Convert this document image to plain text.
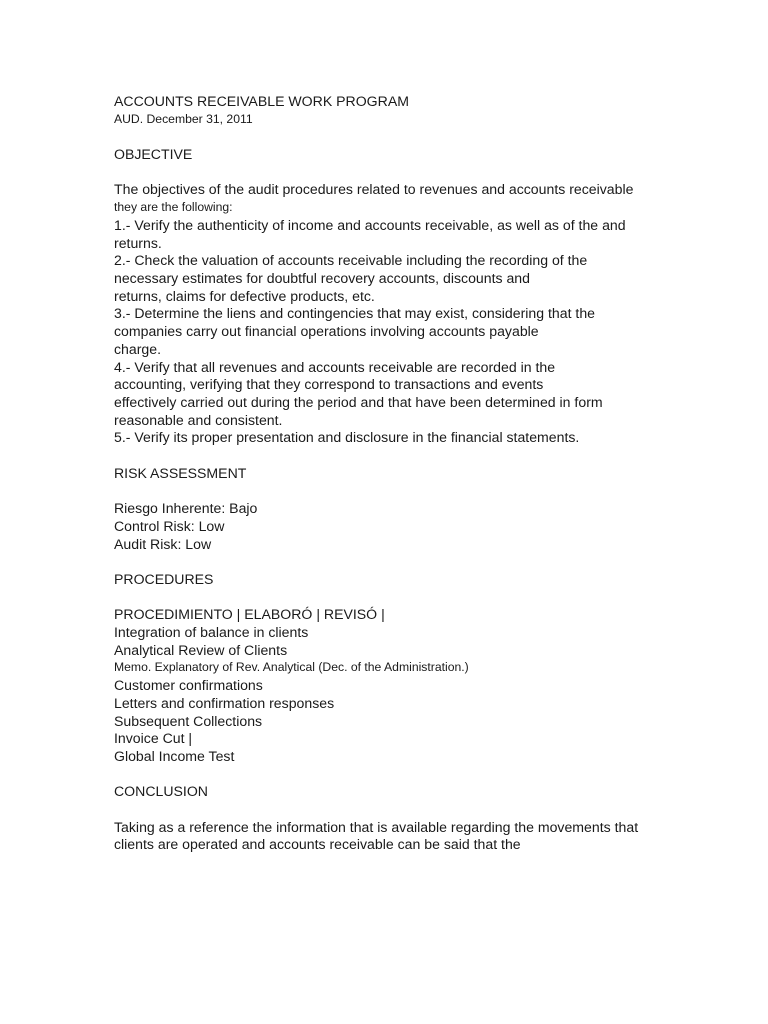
ACCOUNTS RECEIVABLE WORK PROGRAM
AUD. December 31, 2011
OBJECTIVE
The objectives of the audit procedures related to revenues and accounts receivable
they are the following:
1.- Verify the authenticity of income and accounts receivable, as well as of the and
returns.
2.- Check the valuation of accounts receivable including the recording of the
necessary estimates for doubtful recovery accounts, discounts and
returns, claims for defective products, etc.
3.- Determine the liens and contingencies that may exist, considering that the
companies carry out financial operations involving accounts payable
charge.
4.- Verify that all revenues and accounts receivable are recorded in the
accounting, verifying that they correspond to transactions and events
effectively carried out during the period and that have been determined in form
reasonable and consistent.
5.- Verify its proper presentation and disclosure in the financial statements.
RISK ASSESSMENT
Riesgo Inherente: Bajo
Control Risk: Low
Audit Risk: Low
PROCEDURES
PROCEDIMIENTO | ELABORÓ | REVISÓ |
Integration of balance in clients
Analytical Review of Clients
Memo. Explanatory of Rev. Analytical (Dec. of the Administration.)
Customer confirmations
Letters and confirmation responses
Subsequent Collections
Invoice Cut |
Global Income Test
CONCLUSION
Taking as a reference the information that is available regarding the movements that
clients are operated and accounts receivable can be said that the
